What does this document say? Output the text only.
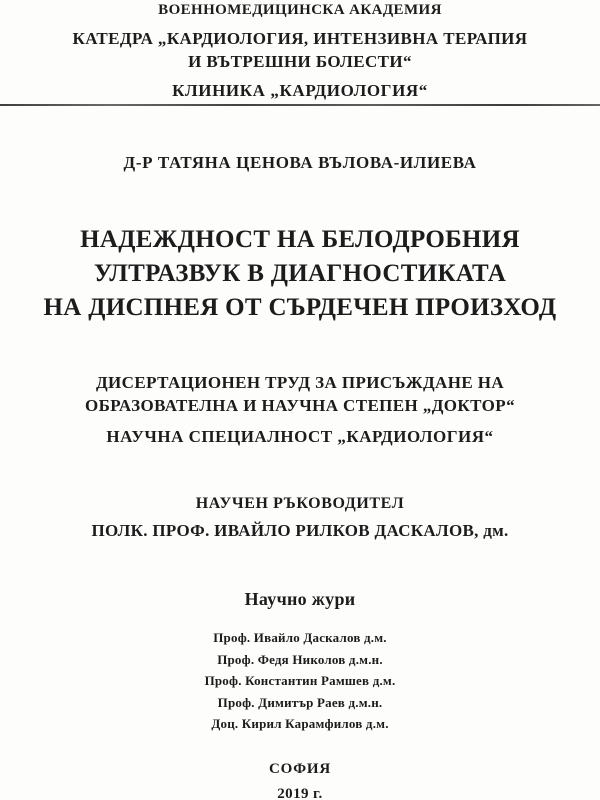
ВОЕННОМЕДИЦИНСКА АКАДЕМИЯ
КАТЕДРА „КАРДИОЛОГИЯ, ИНТЕНЗИВНА ТЕРАПИЯ
И ВЪТРЕШНИ БОЛЕСТИ“
КЛИНИКА „КАРДИОЛОГИЯ“
Д-Р ТАТЯНА ЦЕНОВА ВЪЛОВА-ИЛИЕВА
НАДЕЖДНОСТ НА БЕЛОДРОБНИЯ
УЛТРАЗВУК В ДИАГНОСТИКАТА
НА ДИСПНЕЯ ОТ СЪРДЕЧЕН ПРОИЗХОД
ДИСЕРТАЦИОНЕН ТРУД ЗА ПРИСЪЖДАНЕ НА
ОБРАЗОВАТЕЛНА И НАУЧНА СТЕПЕН „ДОКТОР“
НАУЧНА СПЕЦИАЛНОСТ „КАРДИОЛОГИЯ“
НАУЧЕН РЪКОВОДИТЕЛ
ПОЛК. ПРОФ. ИВАЙЛО РИЛКОВ ДАСКАЛОВ, дм.
Научно жури
Проф. Ивайло Даскалов д.м.
Проф. Федя Николов д.м.н.
Проф. Константин Рамшев д.м.
Проф. Димитър Раев д.м.н.
Доц. Кирил Карамфилов д.м.
СОФИЯ
2019 г.
